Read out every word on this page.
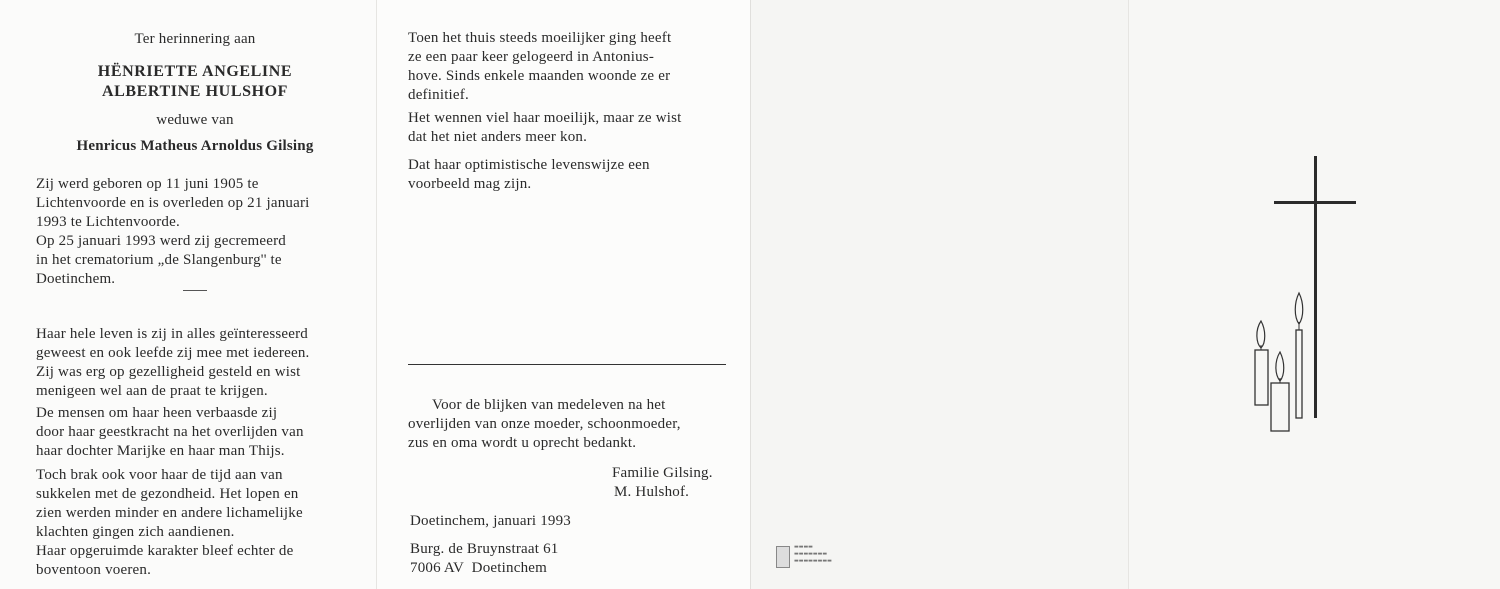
Ter herinnering aan
HËNRIETTE ANGELINE
ALBERTINE HULSHOF
weduwe van
Henricus Matheus Arnoldus Gilsing
Zij werd geboren op 11 juni 1905 te
Lichtenvoorde en is overleden op 21 januari
1993 te Lichtenvoorde.
Op 25 januari 1993 werd zij gecremeerd
in het crematorium „de Slangenburg'' te
Doetinchem.
Haar hele leven is zij in alles geïnteresseerd
geweest en ook leefde zij mee met iedereen.
Zij was erg op gezelligheid gesteld en wist
menigeen wel aan de praat te krijgen.
De mensen om haar heen verbaasde zij
door haar geestkracht na het overlijden van
haar dochter Marijke en haar man Thijs.
Toch brak ook voor haar de tijd aan van
sukkelen met de gezondheid. Het lopen en
zien werden minder en andere lichamelijke
klachten gingen zich aandienen.
Haar opgeruimde karakter bleef echter de
boventoon voeren.
Toen het thuis steeds moeilijker ging heeft
ze een paar keer gelogeerd in Antonius-
hove. Sinds enkele maanden woonde ze er
definitief.
Het wennen viel haar moeilijk, maar ze wist
dat het niet anders meer kon.
Dat haar optimistische levenswijze een
voorbeeld mag zijn.
Voor de blijken van medeleven na het
overlijden van onze moeder, schoonmoeder,
zus en oma wordt u oprecht bedankt.
Familie Gilsing.
M. Hulshof.
Doetinchem, januari 1993
Burg. de Bruynstraat 61
7006 AV  Doetinchem
▬▬▬▬
▬▬▬▬▬▬▬
▬▬▬▬▬▬▬▬
